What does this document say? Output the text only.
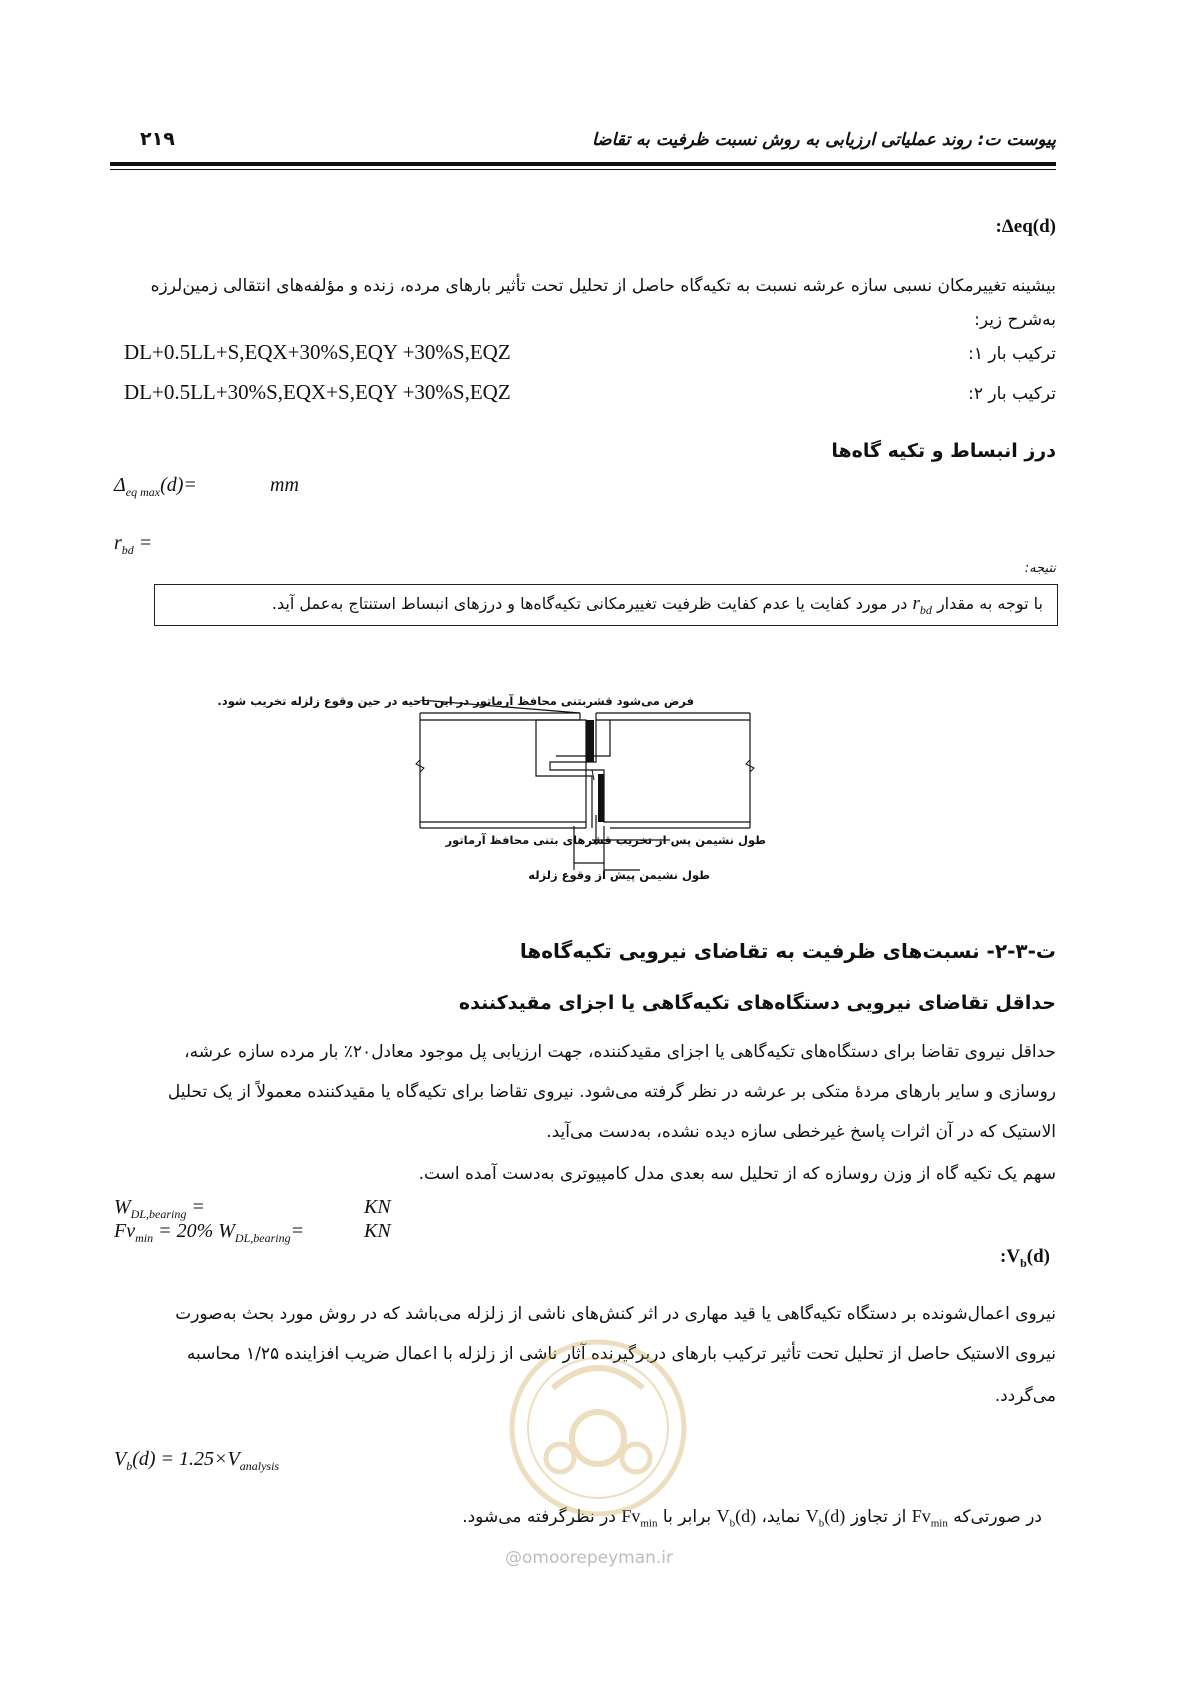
پیوست ت: روند عملیاتی ارزیابی به روش نسبت ظرفیت به تقاضا
۲۱۹
:Δeq(d)
بیشینه تغییرمکان نسبی سازه عرشه نسبت به تکیه‌گاه حاصل از تحلیل تحت تأثیر بارهای مرده، زنده و مؤلفه‌های انتقالی زمین‌لرزه
به‌شرح زیر:
ترکیب بار ۱:
DL+0.5LL+S,EQX+30%S,EQY +30%S,EQZ
ترکیب بار ۲:
DL+0.5LL+30%S,EQX+S,EQY +30%S,EQZ
درز انبساط و تکیه گاه‌ها
$\Delta_{eq max}(d)=$	mm
$r_{bd}$ =
نتیجه:
با توجه به مقدار $r_{bd}$ در مورد کفایت یا عدم کفایت ظرفیت تغییرمکانی تکیه‌گاه‌ها و درزهای انبساط استنتاج به‌عمل آید.
فرض می‌شود قشربتنی محافظ آرماتور در این ناحیه در حین وقوع زلزله تخریب شود.
طول نشیمن پس از تخریب قشرهای بتنی محافظ آرماتور
طول نشیمن پیش از وقوع زلزله
ت-۳-۲- نسبت‌های ظرفیت به تقاضای نیرویی تکیه‌گاه‌ها
حداقل تقاضای نیرویی دستگاه‌های تکیه‌گاهی یا اجزای مقیدکننده
حداقل نیروی تقاضا برای دستگاه‌های تکیه‌گاهی یا اجزای مقیدکننده، جهت ارزیابی پل موجود معادل۲۰٪ بار مرده سازه عرشه،
روسازی و سایر بارهای مردهٔ متکی بر عرشه در نظر گرفته می‌شود. نیروی تقاضا برای تکیه‌گاه یا مقیدکننده معمولاً از یک تحلیل
الاستیک که در آن اثرات پاسخ غیرخطی سازه دیده نشده، به‌دست می‌آید.
سهم یک تکیه گاه از وزن روسازه که از تحلیل سه بعدی مدل کامپیوتری به‌دست آمده است.
$W_{DL,bearing}$ =	KN
$Fv_{min} = 20\%$ $W_{DL,bearing}=$	KN
$:V_b(d)$
نیروی اعمال‌شونده بر دستگاه تکیه‌گاهی یا قید مهاری در اثر کنش‌های ناشی از زلزله می‌باشد که در روش مورد بحث به‌صورت
نیروی الاستیک حاصل از تحلیل تحت تأثیر ترکیب بارهای دربرگیرنده آثار ناشی از زلزله با اعمال ضریب افزاینده ۱/۲۵ محاسبه
می‌گردد.
$V_b(d) = 1.25\times V_{analysis}$
در صورتی‌که $Fv_{min}$ از تجاوز $V_b(d)$ نماید، $V_b(d)$ برابر با $Fv_{min}$ در نظرگرفته می‌شود.
@omoorepeyman.ir
